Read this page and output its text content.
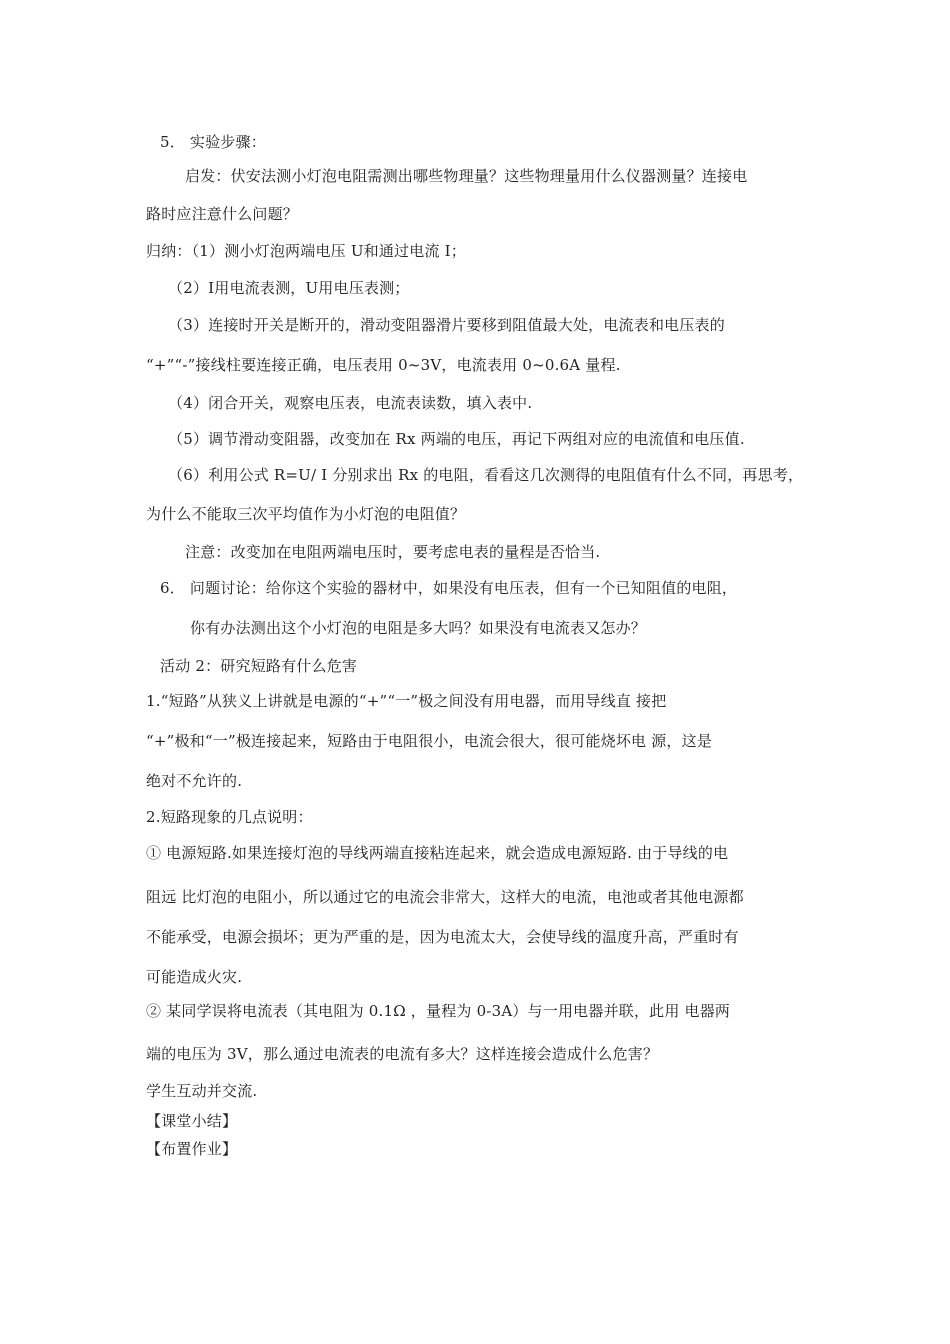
5． 实验步骤：
启发：伏安法测小灯泡电阻需测出哪些物理量？这些物理量用什么仪器测量？连接电
路时应注意什么问题？
归纳：（1）测小灯泡两端电压 U和通过电流 I；
（2）I用电流表测，U用电压表测；
（3）连接时开关是断开的，滑动变阻器滑片要移到阻值最大处，电流表和电压表的
“+”“-”接线柱要连接正确，电压表用 0~3V，电流表用 0~0.6A 量程.
（4）闭合开关，观察电压表，电流表读数，填入表中.
（5）调节滑动变阻器，改变加在 Rx 两端的电压，再记下两组对应的电流值和电压值.
（6）利用公式 R=U/ I 分别求出 Rx 的电阻，看看这几次测得的电阻值有什么不同，再思考，
为什么不能取三次平均值作为小灯泡的电阻值？
注意：改变加在电阻两端电压时，要考虑电表的量程是否恰当.
6． 问题讨论：给你这个实验的器材中，如果没有电压表，但有一个已知阻值的电阻，
你有办法测出这个小灯泡的电阻是多大吗？如果没有电流表又怎办？
活动 2：研究短路有什么危害
1.“短路”从狭义上讲就是电源的“+”“一”极之间没有用电器，而用导线直 接把
“+”极和“一”极连接起来，短路由于电阻很小，电流会很大，很可能烧坏电 源，这是
绝对不允许的.
2.短路现象的几点说明：
① 电源短路.如果连接灯泡的导线两端直接粘连起来，就会造成电源短路. 由于导线的电
阻远 比灯泡的电阻小，所以通过它的电流会非常大，这样大的电流，电池或者其他电源都
不能承受，电源会损坏；更为严重的是，因为电流太大，会使导线的温度升高，严重时有
可能造成火灾.
② 某同学误将电流表（其电阻为 0.1Ω ，量程为 0-3A）与一用电器并联，此用 电器两
端的电压为 3V，那么通过电流表的电流有多大？这样连接会造成什么危害？
学生互动并交流.
【课堂小结】
【布置作业】
